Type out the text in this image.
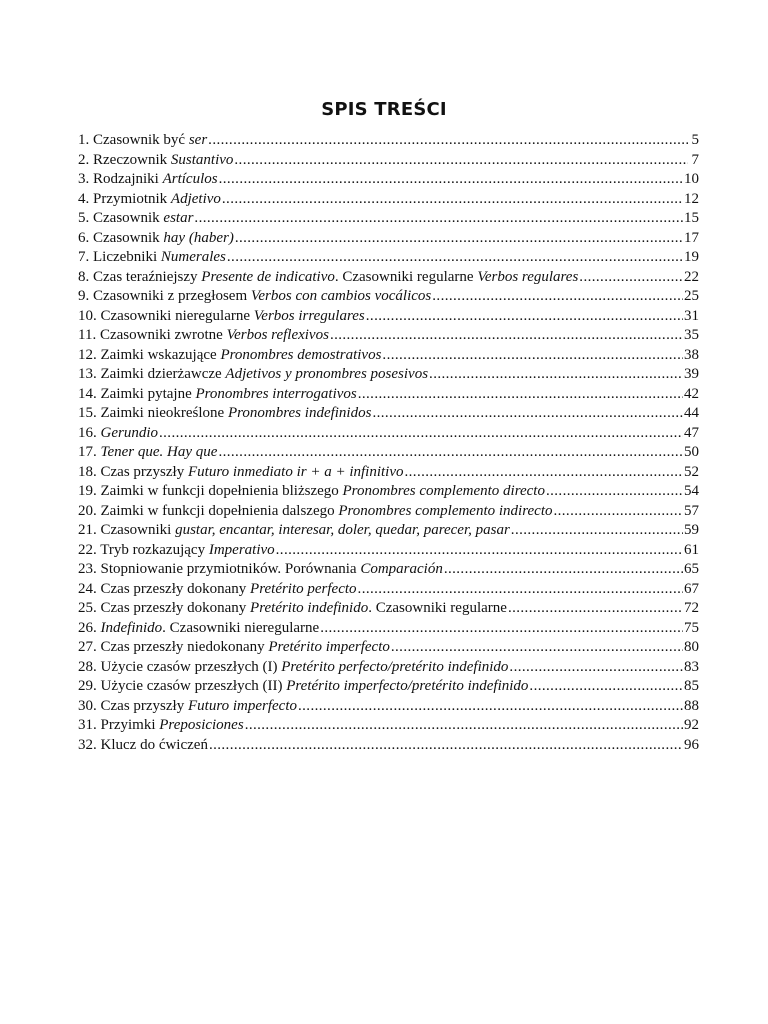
SPIS TREŚCI
1. Czasownik być ser .....	5
2. Rzeczownik Sustantivo .....	7
3. Rodzajniki Artículos .....	10
4. Przymiotnik Adjetivo .....	12
5. Czasownik estar .....	15
6. Czasownik hay (haber) .....	17
7. Liczebniki Numerales .....	19
8. Czas teraźniejszy Presente de indicativo. Czasowniki regularne Verbos regulares .....	22
9. Czasowniki z przegłosem Verbos con cambios vocálicos .....	25
10. Czasowniki nieregularne Verbos irregulares .....	31
11. Czasowniki zwrotne Verbos reflexivos .....	35
12. Zaimki wskazujące Pronombres demostrativos .....	38
13. Zaimki dzierżawcze Adjetivos y pronombres posesivos .....	39
14. Zaimki pytajne Pronombres interrogativos .....	42
15. Zaimki nieokreślone Pronombres indefinidos .....	44
16. Gerundio .....	47
17. Tener que. Hay que .....	50
18. Czas przyszły Futuro inmediato ir + a + infinitivo .....	52
19. Zaimki w funkcji dopełnienia bliższego Pronombres complemento directo .....	54
20. Zaimki w funkcji dopełnienia dalszego Pronombres complemento indirecto .....	57
21. Czasowniki gustar, encantar, interesar, doler, quedar, parecer, pasar .....	59
22. Tryb rozkazujący Imperativo .....	61
23. Stopniowanie przymiotników. Porównania Comparación .....	65
24. Czas przeszły dokonany Pretérito perfecto .....	67
25. Czas przeszły dokonany Pretérito indefinido. Czasowniki regularne .....	72
26. Indefinido. Czasowniki nieregularne .....	75
27. Czas przeszły niedokonany Pretérito imperfecto .....	80
28. Użycie czasów przeszłych (I) Pretérito perfecto/pretérito indefinido .....	83
29. Użycie czasów przeszłych (II) Pretérito imperfecto/pretérito indefinido .....	85
30. Czas przyszły Futuro imperfecto .....	88
31. Przyimki Preposiciones .....	92
32. Klucz do ćwiczeń .....	96
